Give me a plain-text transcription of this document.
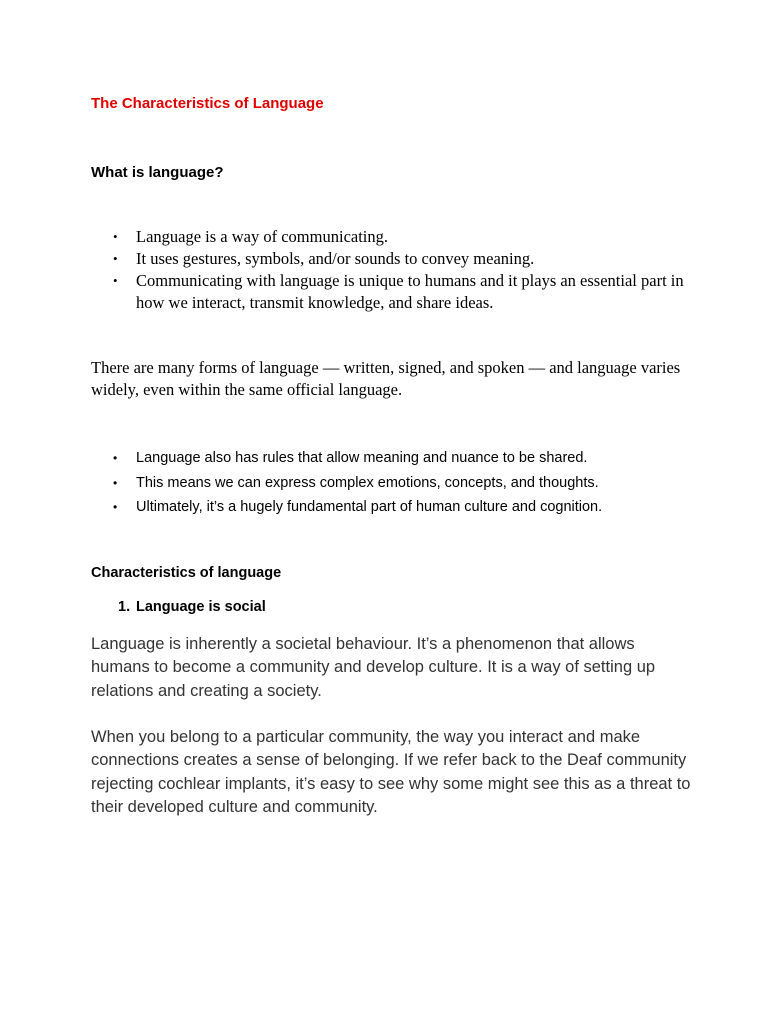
The Characteristics of Language
What is language?
• Language is a way of communicating.
• It uses gestures, symbols, and/or sounds to convey meaning.
• Communicating with language is unique to humans and it plays an essential part in how we interact, transmit knowledge, and share ideas.
There are many forms of language — written, signed, and spoken — and language varies widely, even within the same official language.
• Language also has rules that allow meaning and nuance to be shared.
• This means we can express complex emotions, concepts, and thoughts.
• Ultimately, it’s a hugely fundamental part of human culture and cognition.
Characteristics of language
1. Language is social
Language is inherently a societal behaviour. It’s a phenomenon that allows humans to become a community and develop culture. It is a way of setting up relations and creating a society.
When you belong to a particular community, the way you interact and make connections creates a sense of belonging. If we refer back to the Deaf community rejecting cochlear implants, it’s easy to see why some might see this as a threat to their developed culture and community.
